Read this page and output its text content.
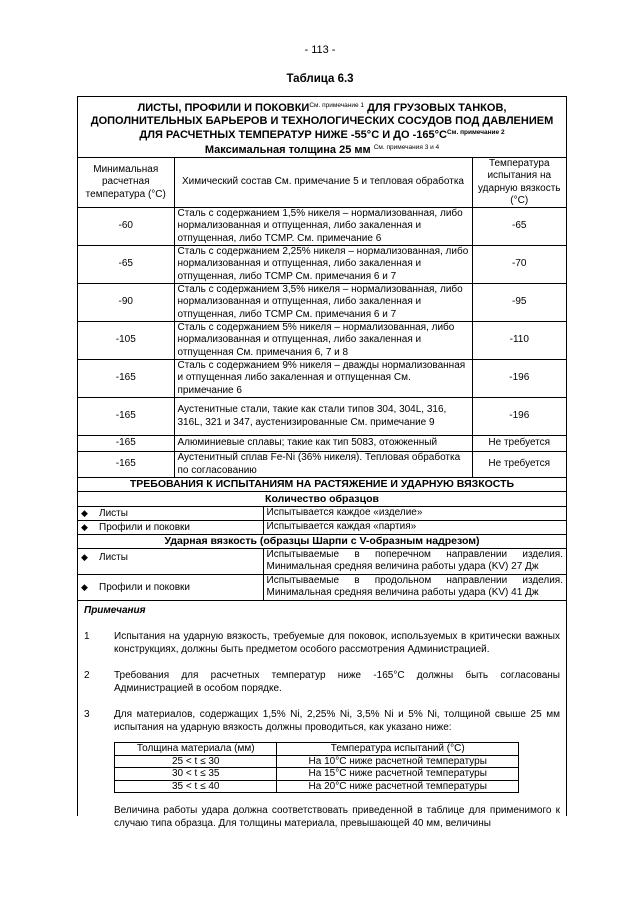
- 113 -
Таблица 6.3
ЛИСТЫ, ПРОФИЛИ И $ПОКОВКИ^{См. примечание 1}$ ДЛЯ ГРУЗОВЫХ ТАНКОВ, ДОПОЛНИТЕЛЬНЫХ БАРЬЕРОВ И ТЕХНОЛОГИЧЕСКИХ СОСУДОВ ПОД ДАВЛЕНИЕМ ДЛЯ РАСЧЕТНЫХ ТЕМПЕРАТУР НИЖЕ -55°С И ДО $-165^\circ С^{См. примечание 2}$
Максимальная толщина 25 мм $^{См. примечания 3 и 4}$
Минимальная расчетная температура (°С)	Химический состав См. примечание 5 и тепловая обработка	Температура испытания на ударную вязкость (°С)
-60	Сталь с содержанием 1,5% никеля – нормализованная, либо нормализованная и отпущенная, либо закаленная и отпущенная, либо TCMP. См. примечание 6	-65
-65	Сталь с содержанием 2,25% никеля – нормализованная, либо нормализованная и отпущенная, либо закаленная и отпущенная, либо TCMP См. примечания 6 и 7	-70
-90	Сталь с содержанием 3,5% никеля – нормализованная, либо нормализованная и отпущенная, либо закаленная и отпущенная, либо TCMP См. примечания 6 и 7	-95
-105	Сталь с содержанием 5% никеля – нормализованная, либо нормализованная и отпущенная, либо закаленная и отпущенная См. примечания 6, 7 и 8	-110
-165	Сталь с содержанием 9% никеля – дважды нормализованная и отпущенная либо закаленная и отпущенная См. примечание 6	-196
-165	Аустенитные стали, такие как стали типов 304, 304L, 316, 316L, 321 и 347, аустенизированные См. примечание 9	-196
-165	Алюминиевые сплавы; такие как тип 5083, отожженный	Не требуется
-165	Аустенитный сплав Fe-Ni (36% никеля). Тепловая обработка по согласованию	Не требуется
ТРЕБОВАНИЯ К ИСПЫТАНИЯМ НА РАСТЯЖЕНИЕ И УДАРНУЮ ВЯЗКОСТЬ		
Количество образцов	
◆ Листы	Испытывается каждое «изделие»
◆ Профили и поковки	Испытывается каждая «партия»
Ударная вязкость (образцы Шарпи с V-образным надрезом)	
◆ Листы	Испытываемые в поперечном направлении изделия. Минимальная средняя величина работы удара (KV) 27 Дж
◆ Профили и поковки	Испытываемые в продольном направлении изделия. Минимальная средняя величина работы удара (KV) 41 Дж
Примечания
1	Испытания на ударную вязкость, требуемые для поковок, используемых в критически важных конструкциях, должны быть предметом особого рассмотрения Администрацией.
2	Требования для расчетных температур ниже -165°С должны быть согласованы Администрацией в особом порядке.
3	Для материалов, содержащих 1,5% Ni, 2,25% Ni, 3,5% Ni и 5% Ni, толщиной свыше 25 мм испытания на ударную вязкость должны проводиться, как указано ниже:
Толщина материала (мм)	Температура испытаний (°С)
25 < t ≤ 30	На 10°С ниже расчетной температуры
30 < t ≤ 35	На 15°С ниже расчетной температуры
35 < t ≤ 40	На 20°С ниже расчетной температуры
Величина работы удара должна соответствовать приведенной в таблице для применимого к случаю типа образца. Для толщины материала, превышающей 40 мм, величины
